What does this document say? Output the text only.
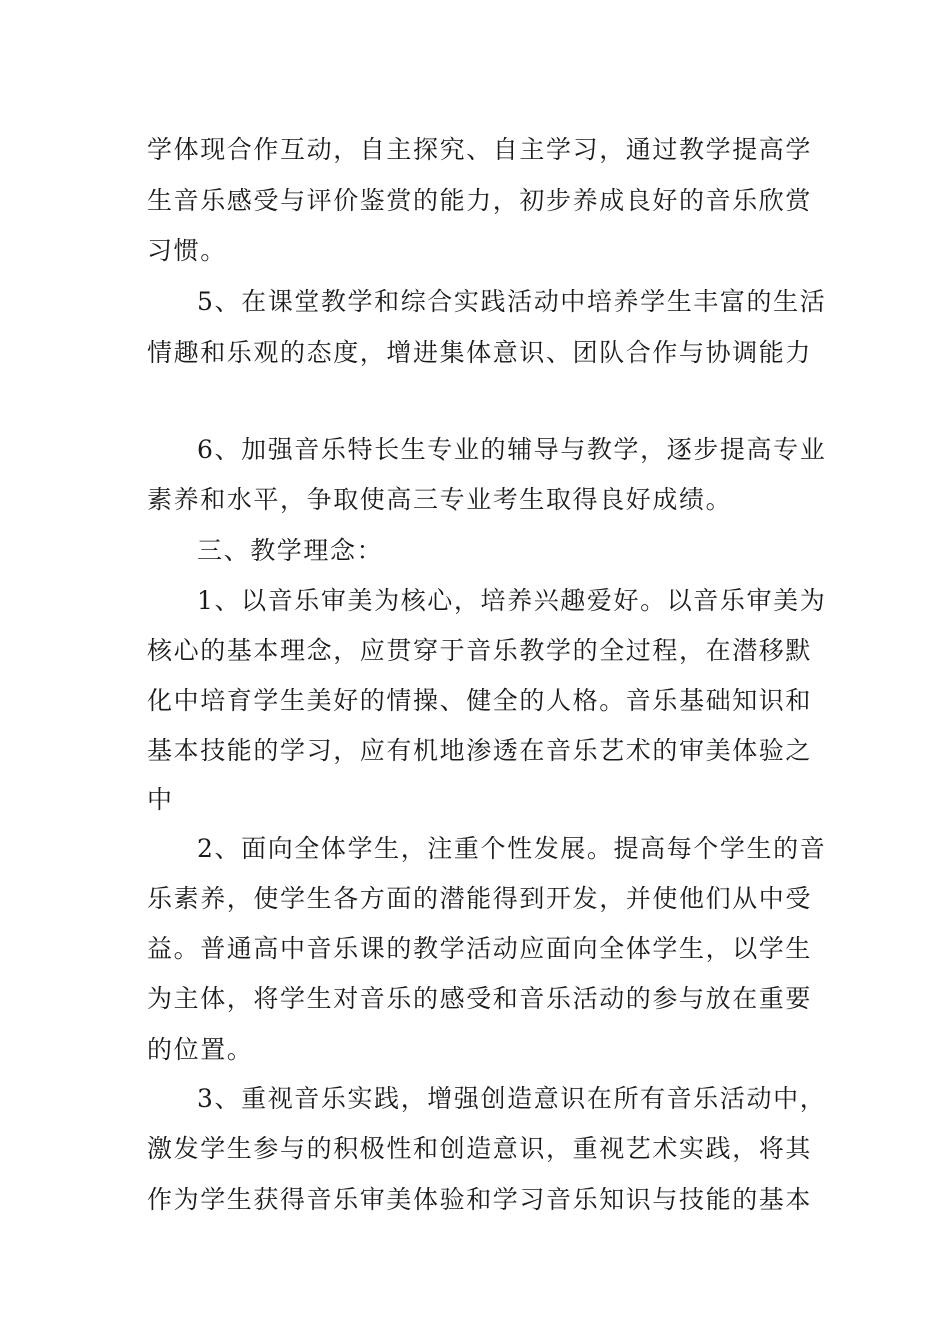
学体现合作互动，自主探究、自主学习，通过教学提高学
生音乐感受与评价鉴赏的能力，初步养成良好的音乐欣赏
习惯。
5、在课堂教学和综合实践活动中培养学生丰富的生活
情趣和乐观的态度，增进集体意识、团队合作与协调能力
6、加强音乐特长生专业的辅导与教学，逐步提高专业
素养和水平，争取使高三专业考生取得良好成绩。
三、教学理念：
1、以音乐审美为核心，培养兴趣爱好。以音乐审美为
核心的基本理念，应贯穿于音乐教学的全过程，在潜移默
化中培育学生美好的情操、健全的人格。音乐基础知识和
基本技能的学习，应有机地渗透在音乐艺术的审美体验之
中
2、面向全体学生，注重个性发展。提高每个学生的音
乐素养，使学生各方面的潜能得到开发，并使他们从中受
益。普通高中音乐课的教学活动应面向全体学生，以学生
为主体，将学生对音乐的感受和音乐活动的参与放在重要
的位置。
3、重视音乐实践，增强创造意识在所有音乐活动中，
激发学生参与的积极性和创造意识，重视艺术实践，将其
作为学生获得音乐审美体验和学习音乐知识与技能的基本
